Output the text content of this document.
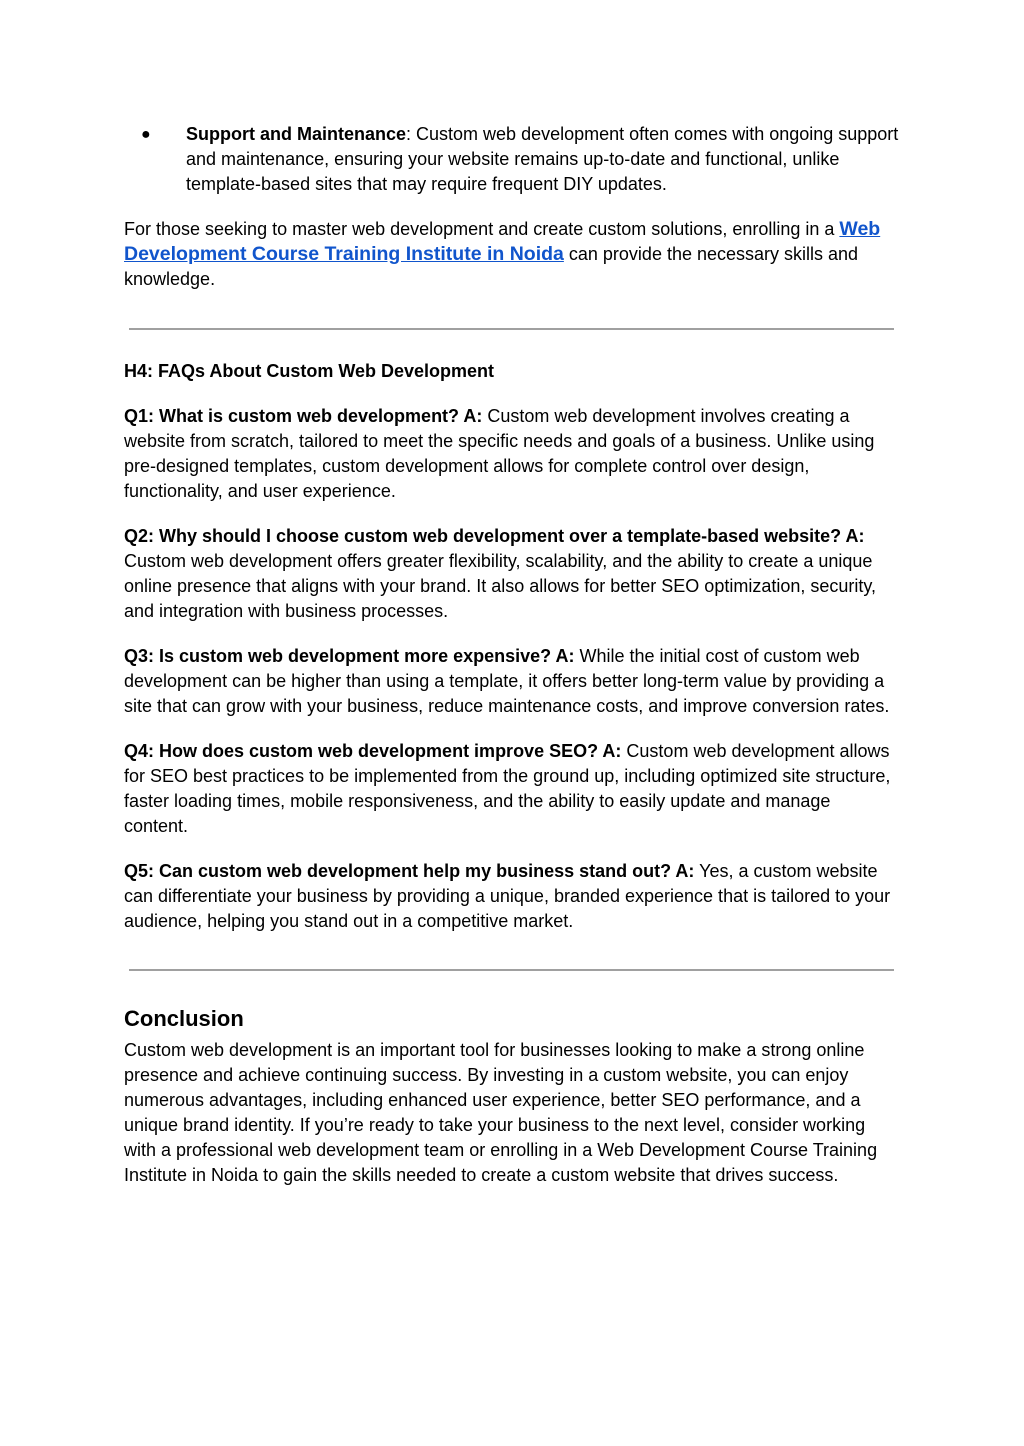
● Support and Maintenance: Custom web development often comes with ongoing support and maintenance, ensuring your website remains up-to-date and functional, unlike template-based sites that may require frequent DIY updates.

For those seeking to master web development and create custom solutions, enrolling in a Web Development Course Training Institute in Noida can provide the necessary skills and knowledge.

H4: FAQs About Custom Web Development

Q1: What is custom web development? A: Custom web development involves creating a website from scratch, tailored to meet the specific needs and goals of a business. Unlike using pre-designed templates, custom development allows for complete control over design, functionality, and user experience.

Q2: Why should I choose custom web development over a template-based website? A: Custom web development offers greater flexibility, scalability, and the ability to create a unique online presence that aligns with your brand. It also allows for better SEO optimization, security, and integration with business processes.

Q3: Is custom web development more expensive? A: While the initial cost of custom web development can be higher than using a template, it offers better long-term value by providing a site that can grow with your business, reduce maintenance costs, and improve conversion rates.

Q4: How does custom web development improve SEO? A: Custom web development allows for SEO best practices to be implemented from the ground up, including optimized site structure, faster loading times, mobile responsiveness, and the ability to easily update and manage content.

Q5: Can custom web development help my business stand out? A: Yes, a custom website can differentiate your business by providing a unique, branded experience that is tailored to your audience, helping you stand out in a competitive market.

Conclusion

Custom web development is an important tool for businesses looking to make a strong online presence and achieve continuing success. By investing in a custom website, you can enjoy numerous advantages, including enhanced user experience, better SEO performance, and a unique brand identity. If you’re ready to take your business to the next level, consider working with a professional web development team or enrolling in a Web Development Course Training Institute in Noida to gain the skills needed to create a custom website that drives success.
